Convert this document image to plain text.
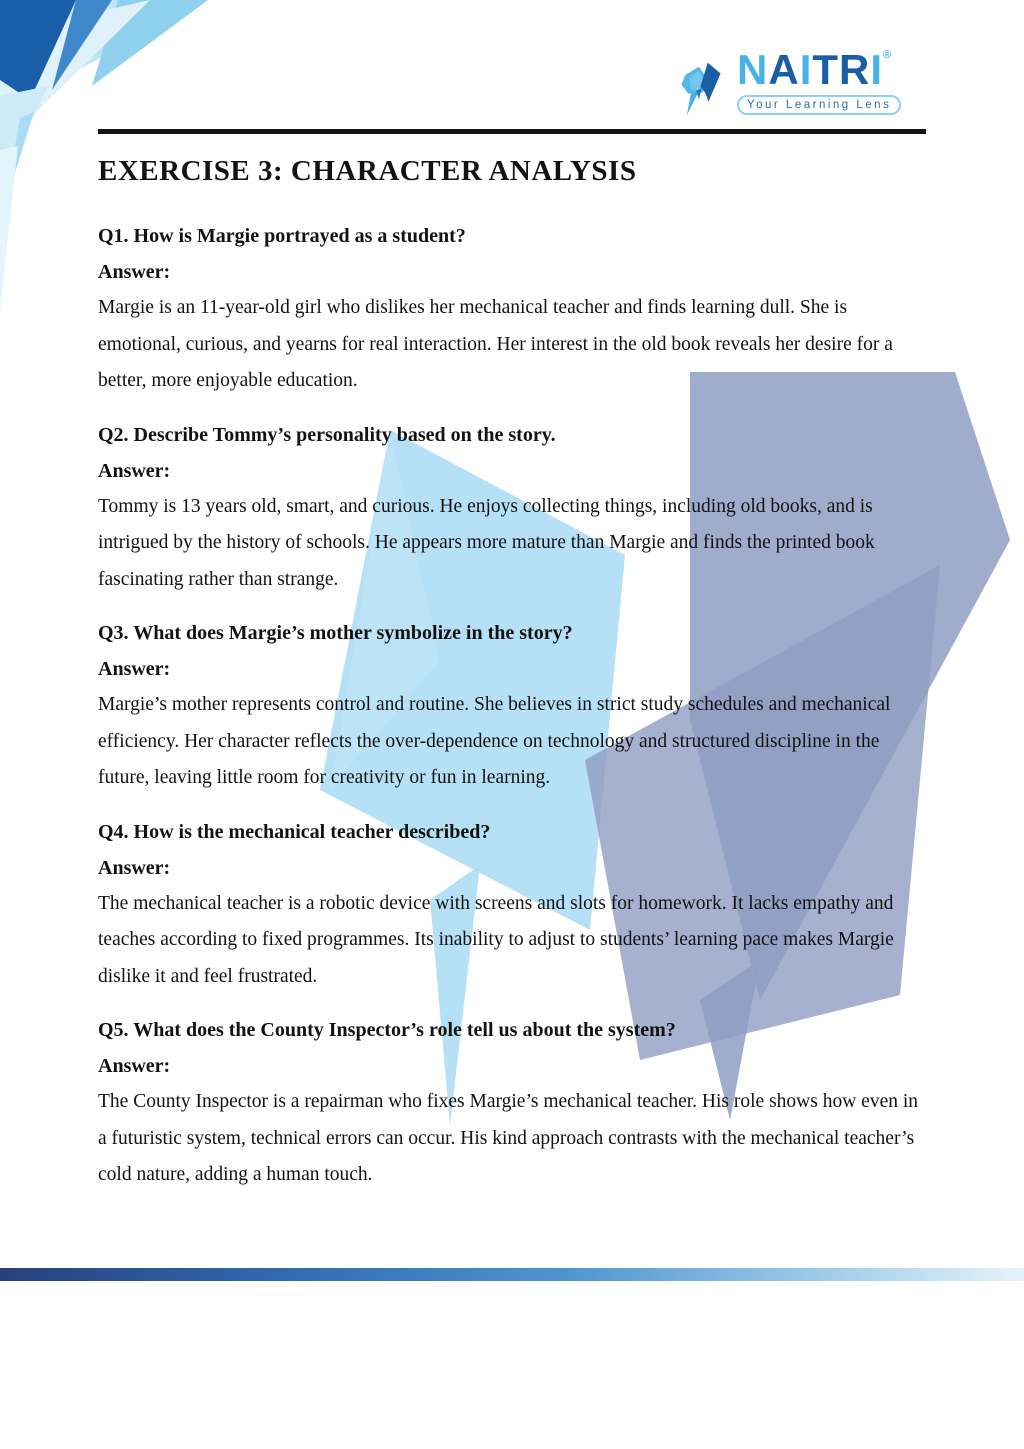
NAITRI®
Your Learning Lens
EXERCISE 3: CHARACTER ANALYSIS
Q1. How is Margie portrayed as a student?
Answer:
Margie is an 11-year-old girl who dislikes her mechanical teacher and finds learning dull. She is emotional, curious, and yearns for real interaction. Her interest in the old book reveals her desire for a better, more enjoyable education.
Q2. Describe Tommy’s personality based on the story.
Answer:
Tommy is 13 years old, smart, and curious. He enjoys collecting things, including old books, and is intrigued by the history of schools. He appears more mature than Margie and finds the printed book fascinating rather than strange.
Q3. What does Margie’s mother symbolize in the story?
Answer:
Margie’s mother represents control and routine. She believes in strict study schedules and mechanical efficiency. Her character reflects the over-dependence on technology and structured discipline in the future, leaving little room for creativity or fun in learning.
Q4. How is the mechanical teacher described?
Answer:
The mechanical teacher is a robotic device with screens and slots for homework. It lacks empathy and teaches according to fixed programmes. Its inability to adjust to students’ learning pace makes Margie dislike it and feel frustrated.
Q5. What does the County Inspector’s role tell us about the system?
Answer:
The County Inspector is a repairman who fixes Margie’s mechanical teacher. His role shows how even in a futuristic system, technical errors can occur. His kind approach contrasts with the mechanical teacher’s cold nature, adding a human touch.
